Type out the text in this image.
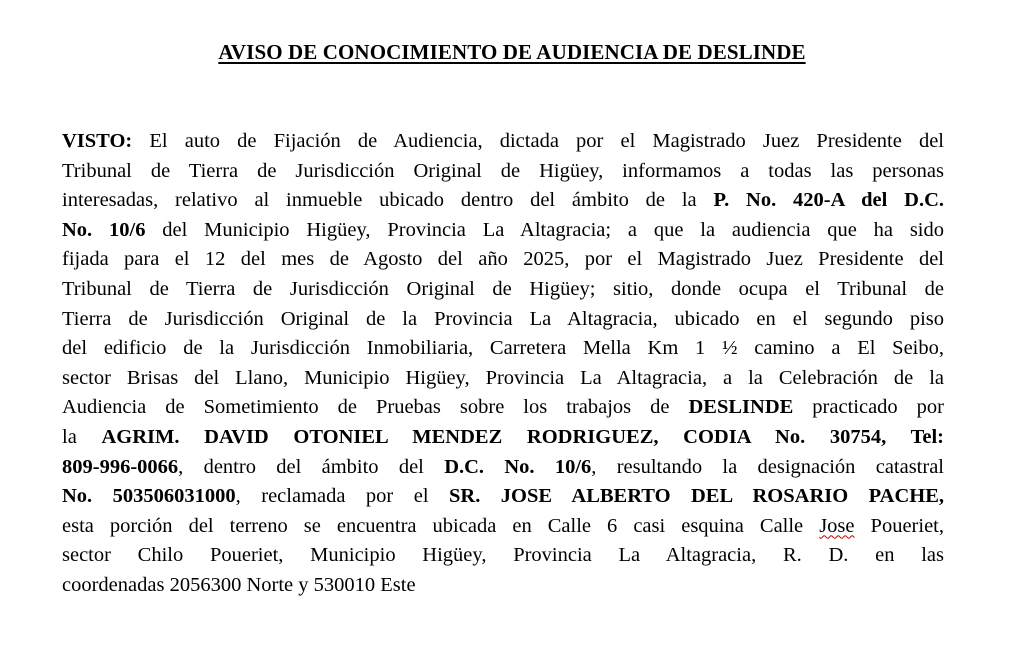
AVISO DE CONOCIMIENTO DE AUDIENCIA DE DESLINDE
VISTO: El auto de Fijación de Audiencia, dictada por el Magistrado Juez Presidente del
Tribunal de Tierra de Jurisdicción Original de Higüey, informamos a todas las personas
interesadas, relativo al inmueble ubicado dentro del ámbito de la P. No. 420-A del D.C.
No. 10/6 del Municipio Higüey, Provincia La Altagracia; a que la audiencia que ha sido
fijada para el 12 del mes de Agosto del año 2025, por el Magistrado Juez Presidente del
Tribunal de Tierra de Jurisdicción Original de Higüey; sitio, donde ocupa el Tribunal de
Tierra de Jurisdicción Original de la Provincia La Altagracia, ubicado en el segundo piso
del edificio de la Jurisdicción Inmobiliaria, Carretera Mella Km 1 ½ camino a El Seibo,
sector Brisas del Llano, Municipio Higüey, Provincia La Altagracia, a la Celebración de la
Audiencia de Sometimiento de Pruebas sobre los trabajos de DESLINDE practicado por
la AGRIM. DAVID OTONIEL MENDEZ RODRIGUEZ, CODIA No. 30754, Tel:
809-996-0066, dentro del ámbito del D.C. No. 10/6, resultando la designación catastral
No. 503506031000, reclamada por el SR. JOSE ALBERTO DEL ROSARIO PACHE,
esta porción del terreno se encuentra ubicada en Calle 6 casi esquina Calle Jose Poueriet,
sector Chilo Poueriet, Municipio Higüey, Provincia La Altagracia, R. D. en las
coordenadas 2056300 Norte y 530010 Este
